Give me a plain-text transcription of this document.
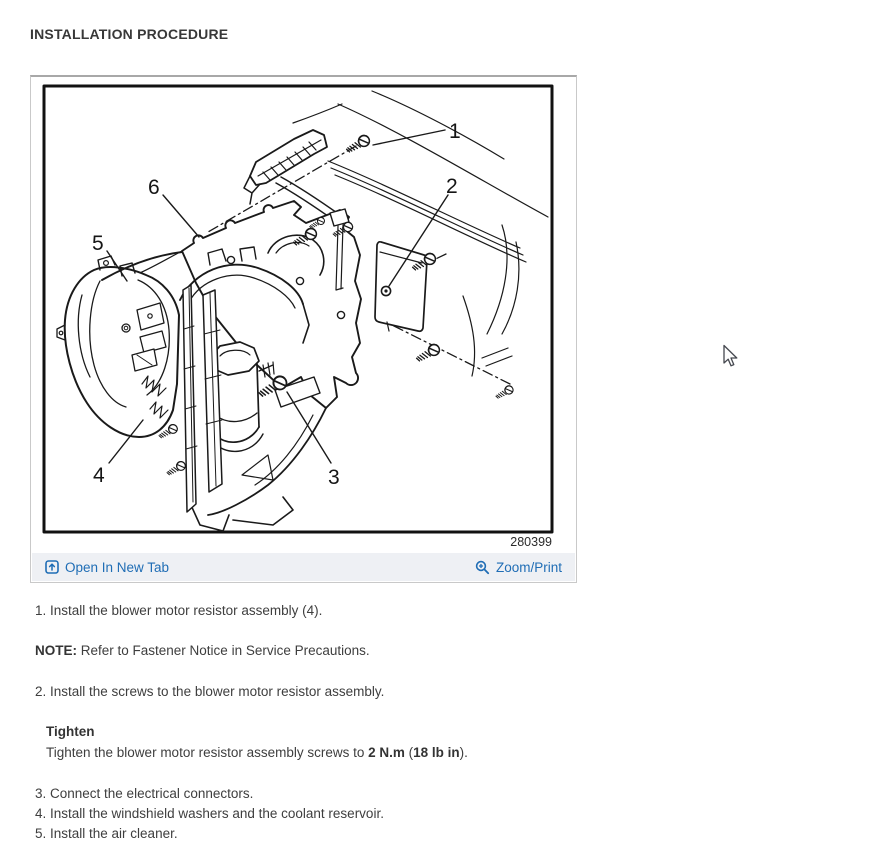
INSTALLATION PROCEDURE
1
2
3
4
5
6
280399
Open In New Tab	Zoom/Print
1. Install the blower motor resistor assembly (4).
NOTE: Refer to Fastener Notice in Service Precautions.
2. Install the screws to the blower motor resistor assembly.
Tighten
Tighten the blower motor resistor assembly screws to 2 N.m (18 lb in).
3. Connect the electrical connectors.
4. Install the windshield washers and the coolant reservoir.
5. Install the air cleaner.
